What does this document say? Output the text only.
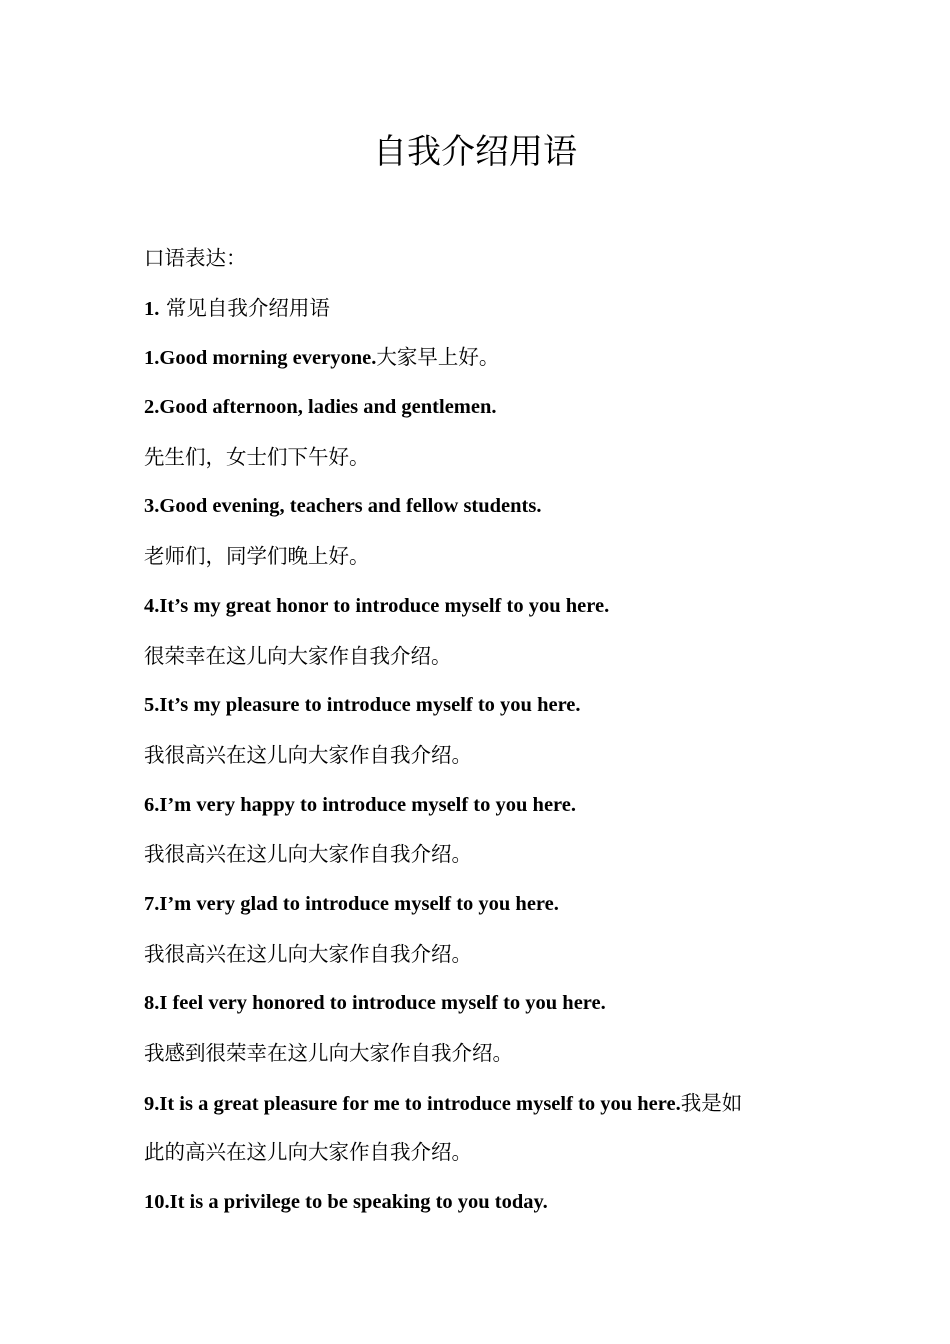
自我介绍用语
口语表达：
1. 常见自我介绍用语
1.Good morning everyone.大家早上好。
2.Good afternoon, ladies and gentlemen.
先生们，女士们下午好。
3.Good evening, teachers and fellow students.
老师们，同学们晚上好。
4.It’s my great honor to introduce myself to you here.
很荣幸在这儿向大家作自我介绍。
5.It’s my pleasure to introduce myself to you here.
我很高兴在这儿向大家作自我介绍。
6.I’m very happy to introduce myself to you here.
我很高兴在这儿向大家作自我介绍。
7.I’m very glad to introduce myself to you here.
我很高兴在这儿向大家作自我介绍。
8.I feel very honored to introduce myself to you here.
我感到很荣幸在这儿向大家作自我介绍。
9.It is a great pleasure for me to introduce myself to you here.我是如
此的高兴在这儿向大家作自我介绍。
10.It is a privilege to be speaking to you today.
